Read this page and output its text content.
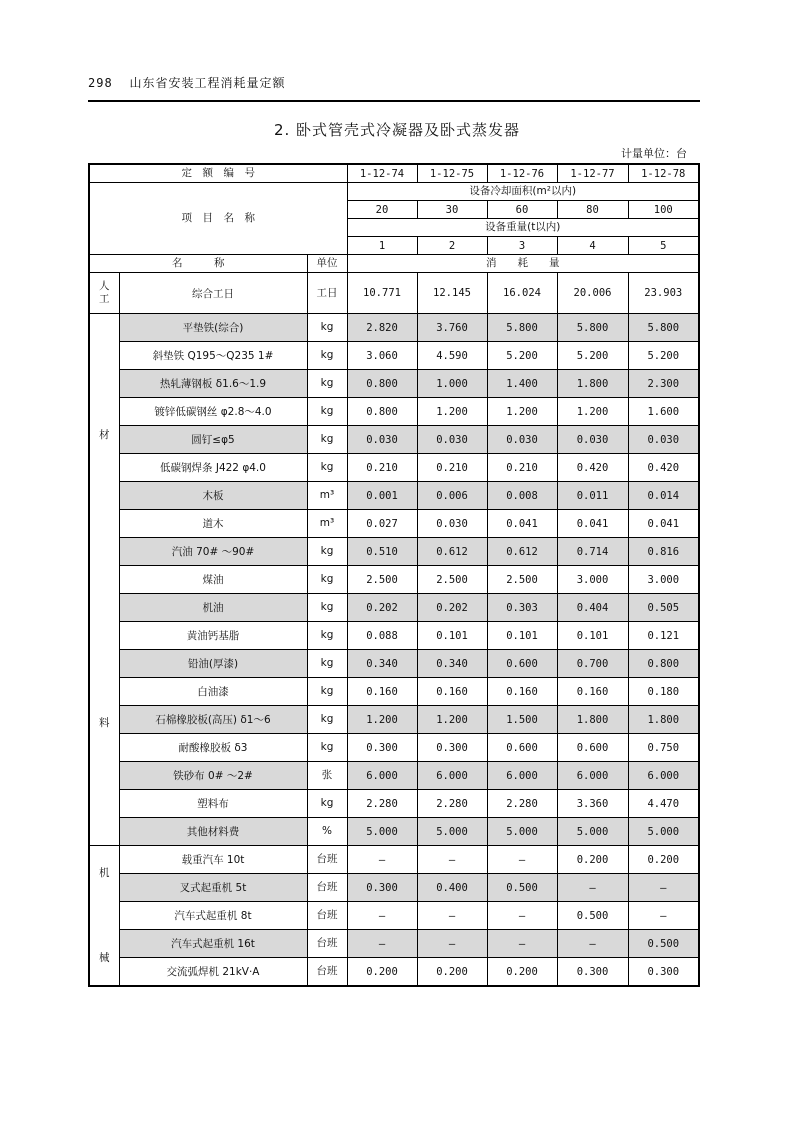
298 山东省安装工程消耗量定额
2. 卧式管壳式冷凝器及卧式蒸发器
计量单位：台
定　额　编　号			1-12-74	1-12-75	1-12-76	1-12-77	1-12-78
项　目　名　称			设备冷却面积(m²以内)				
			20	30	60	80	100
			设备重量(t以内)				
			1	2	3	4	5
名　　　称		单位	消　　耗　　量				
人工	综合工日	工日	10.771	12.145	16.024	20.006	23.903

材
料	平垫铁(综合)	kg	2.820	3.760	5.800	5.800	5.800
	斜垫铁 Q195～Q235 1#	kg	3.060	4.590	5.200	5.200	5.200
	热轧薄钢板 δ1.6～1.9	kg	0.800	1.000	1.400	1.800	2.300
	镀锌低碳钢丝 φ2.8～4.0	kg	0.800	1.200	1.200	1.200	1.600
	圆钉≤φ5	kg	0.030	0.030	0.030	0.030	0.030
	低碳钢焊条 J422 φ4.0	kg	0.210	0.210	0.210	0.420	0.420
	木板	m³	0.001	0.006	0.008	0.011	0.014
	道木	m³	0.027	0.030	0.041	0.041	0.041
	汽油 70# ～90#	kg	0.510	0.612	0.612	0.714	0.816
	煤油	kg	2.500	2.500	2.500	3.000	3.000
	机油	kg	0.202	0.202	0.303	0.404	0.505
	黄油钙基脂	kg	0.088	0.101	0.101	0.101	0.121
	铅油(厚漆)	kg	0.340	0.340	0.600	0.700	0.800
	白油漆	kg	0.160	0.160	0.160	0.160	0.180
	石棉橡胶板(高压) δ1～6	kg	1.200	1.200	1.500	1.800	1.800
	耐酸橡胶板 δ3	kg	0.300	0.300	0.600	0.600	0.750
	铁砂布 0# ～2#	张	6.000	6.000	6.000	6.000	6.000
	塑料布	kg	2.280	2.280	2.280	3.360	4.470
	其他材料费	%	5.000	5.000	5.000	5.000	5.000

机
械	载重汽车 10t	台班	—	—	—	0.200	0.200
	叉式起重机 5t	台班	0.300	0.400	0.500	—	—
	汽车式起重机 8t	台班	—	—	—	0.500	—
	汽车式起重机 16t	台班	—	—	—	—	0.500
	交流弧焊机 21kV·A	台班	0.200	0.200	0.200	0.300	0.300
